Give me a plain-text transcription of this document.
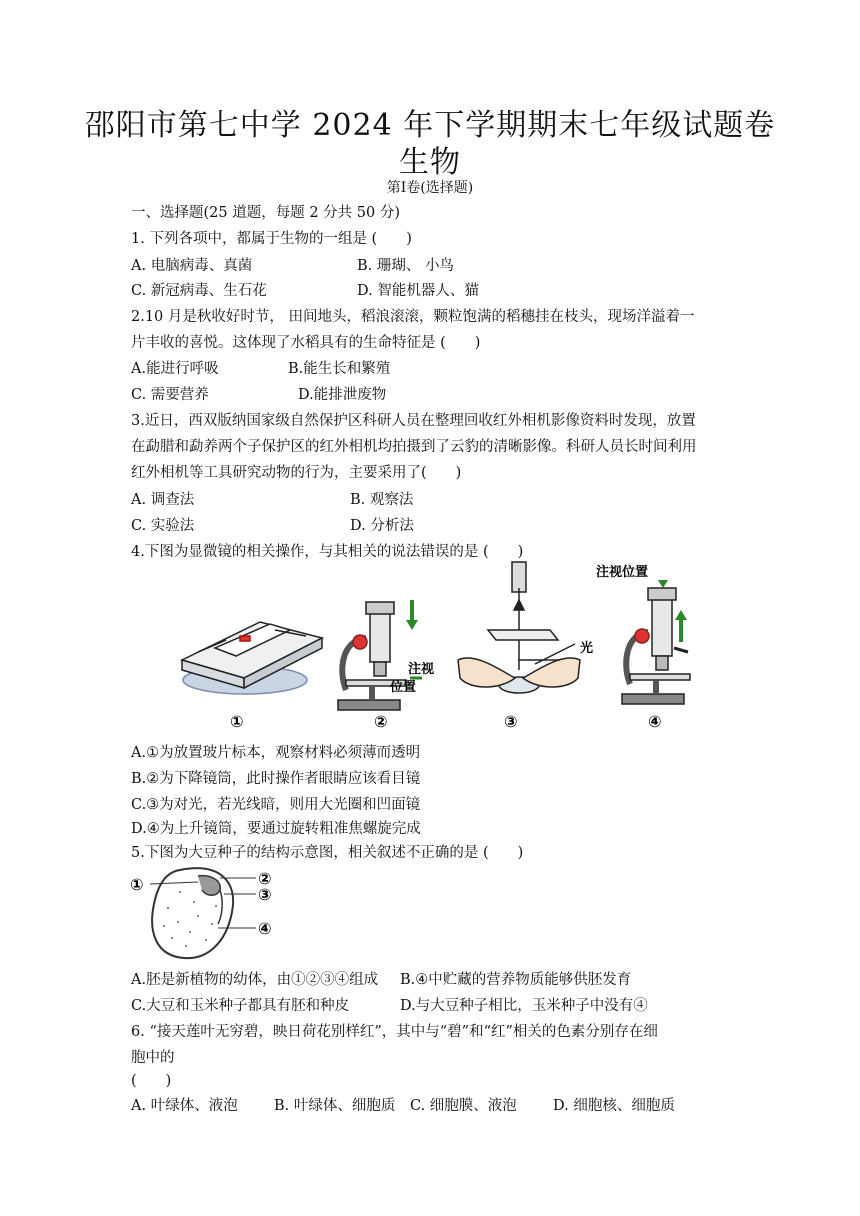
邵阳市第七中学 2024 年下学期期末七年级试题卷
生物
第Ⅰ卷(选择题)
一、选择题(25 道题，每题 2 分共 50 分)
1. 下列各项中，都属于生物的一组是 (　　)
A. 电脑病毒、真菌	B. 珊瑚、 小鸟
C. 新冠病毒、生石花	D. 智能机器人、猫
2.10 月是秋收好时节， 田间地头，稻浪滚滚，颗粒饱满的稻穗挂在枝头，现场洋溢着一
片丰收的喜悦。这体现了水稻具有的生命特征是 (　　)
A.能进行呼吸	B.能生长和繁殖
C. 需要营养	D.能排泄废物
3.近日，西双版纳国家级自然保护区科研人员在整理回收红外相机影像资料时发现，放置
在勐腊和勐养两个子保护区的红外相机均拍摄到了云豹的清晰影像。科研人员长时间利用
红外相机等工具研究动物的行为，主要采用了(　　)
A. 调查法	B. 观察法
C. 实验法	D. 分析法
4.下图为显微镜的相关操作，与其相关的说法错误的是 (　　)
①
注视
位置
②
光
③
注视位置
④
A.①为放置玻片标本，观察材料必须薄而透明
B.②为下降镜筒，此时操作者眼睛应该看目镜
C.③为对光，若光线暗，则用大光圈和凹面镜
D.④为上升镜筒，要通过旋转粗准焦螺旋完成
5.下图为大豆种子的结构示意图，相关叙述不正确的是 (　　)
①	②
③
④
A.胚是新植物的幼体，由①②③④组成 B.④中贮藏的营养物质能够供胚发育
C.大豆和玉米种子都具有胚和种皮	D.与大豆种子相比，玉米种子中没有④
6. “接天莲叶无穷碧，映日荷花别样红”，其中与“碧”和“红”相关的色素分别存在细
胞中的
(　　)
A. 叶绿体、液泡	B. 叶绿体、细胞质 C. 细胞膜、液泡 D. 细胞核、细胞质
